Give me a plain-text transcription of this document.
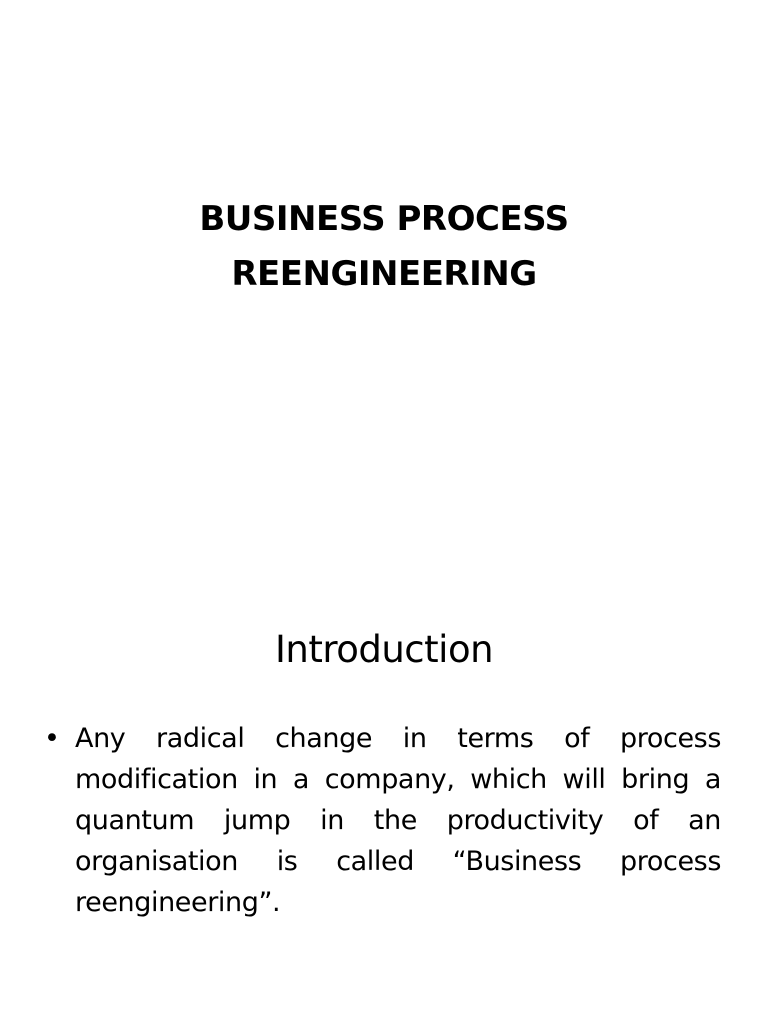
BUSINESS PROCESS
REENGINEERING
Introduction
• Any radical change in terms of process modification in a company, which will bring a quantum jump in the productivity of an organisation is called “Business process reengineering”.
